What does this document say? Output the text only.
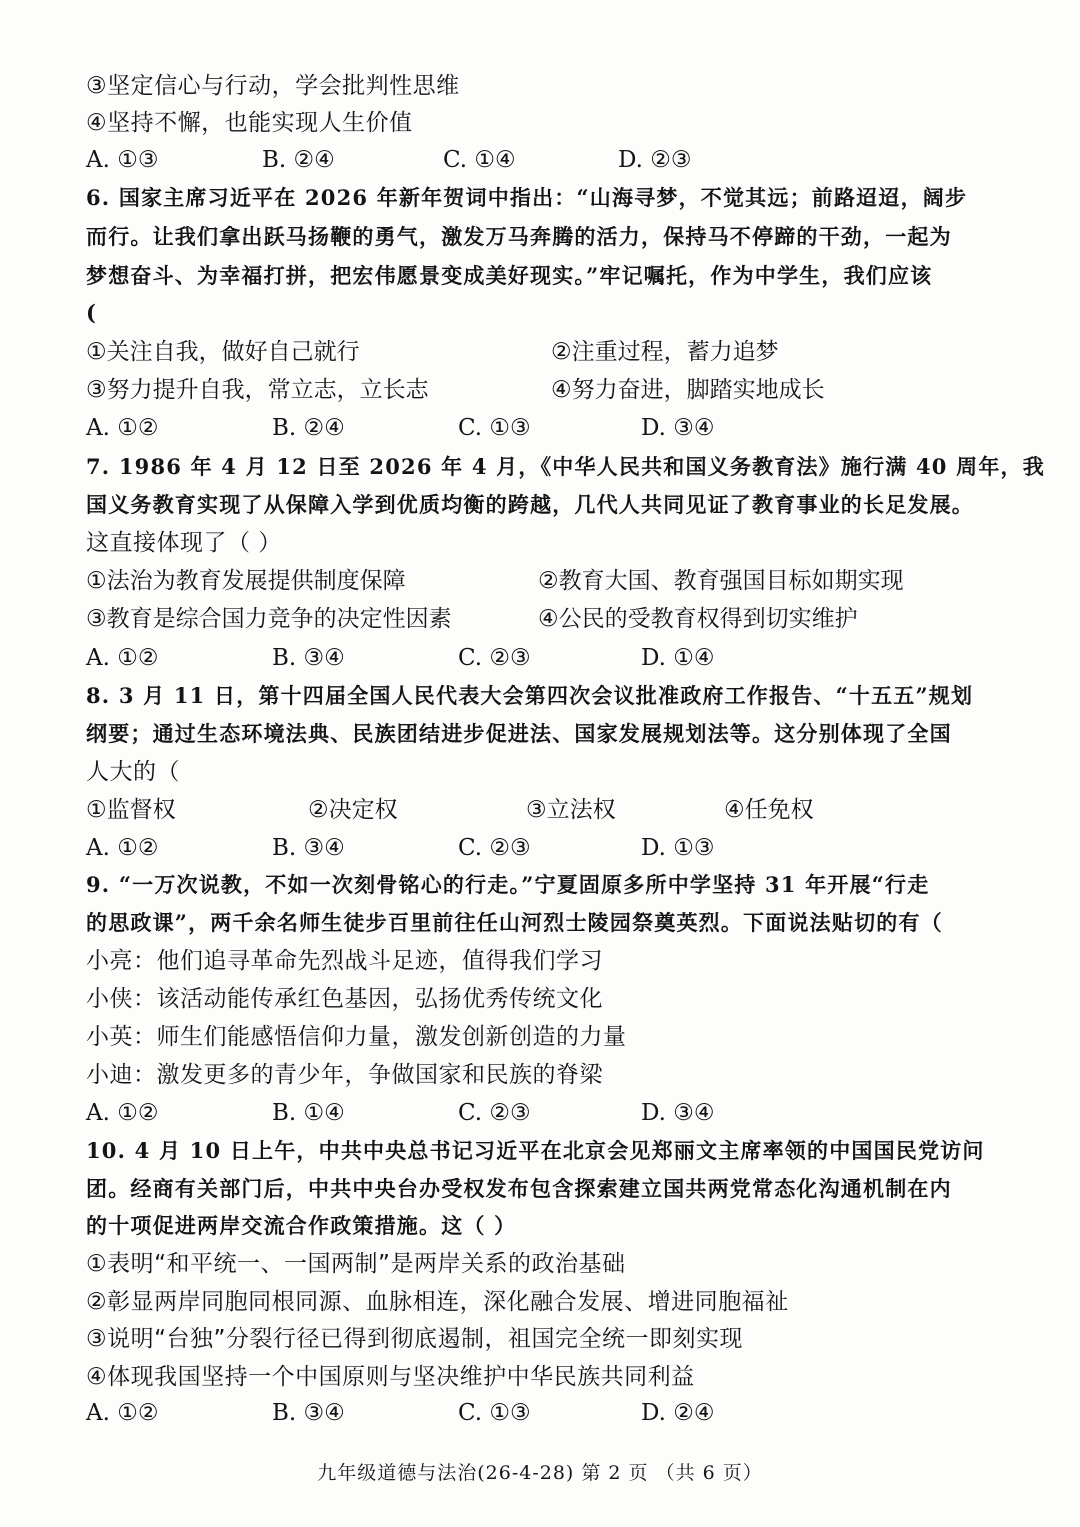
③坚定信心与行动，学会批判性思维
④坚持不懈，也能实现人生价值
A. ①③	B. ②④	C. ①④	D. ②③
6. 国家主席习近平在 2026 年新年贺词中指出：“山海寻梦，不觉其远；前路迢迢，阔步
而行。让我们拿出跃马扬鞭的勇气，激发万马奔腾的活力，保持马不停蹄的干劲，一起为
梦想奋斗、为幸福打拼，把宏伟愿景变成美好现实。”牢记嘱托，作为中学生，我们应该
(
①关注自我，做好自己就行	②注重过程，蓄力追梦
③努力提升自我，常立志，立长志	④努力奋进，脚踏实地成长
A. ①②	B. ②④	C. ①③	D. ③④
7. 1986 年 4 月 12 日至 2026 年 4 月，《中华人民共和国义务教育法》施行满 40 周年，我
国义务教育实现了从保障入学到优质均衡的跨越，几代人共同见证了教育事业的长足发展。
这直接体现了（ ）
①法治为教育发展提供制度保障	②教育大国、教育强国目标如期实现
③教育是综合国力竞争的决定性因素	④公民的受教育权得到切实维护
A. ①②	B. ③④	C. ②③	D. ①④
8. 3 月 11 日，第十四届全国人民代表大会第四次会议批准政府工作报告、“十五五”规划
纲要；通过生态环境法典、民族团结进步促进法、国家发展规划法等。这分别体现了全国
人大的（
①监督权	②决定权	③立法权	④任免权
A. ①②	B. ③④	C. ②③	D. ①③
9. “一万次说教，不如一次刻骨铭心的行走。”宁夏固原多所中学坚持 31 年开展“行走
的思政课”，两千余名师生徒步百里前往任山河烈士陵园祭奠英烈。下面说法贴切的有（
小亮：他们追寻革命先烈战斗足迹，值得我们学习
小侠：该活动能传承红色基因，弘扬优秀传统文化
小英：师生们能感悟信仰力量，激发创新创造的力量
小迪：激发更多的青少年，争做国家和民族的脊梁
A. ①②	B. ①④	C. ②③	D. ③④
10. 4 月 10 日上午，中共中央总书记习近平在北京会见郑丽文主席率领的中国国民党访问
团。经商有关部门后，中共中央台办受权发布包含探索建立国共两党常态化沟通机制在内
的十项促进两岸交流合作政策措施。这（ ）
①表明“和平统一、一国两制”是两岸关系的政治基础
②彰显两岸同胞同根同源、血脉相连，深化融合发展、增进同胞福祉
③说明“台独”分裂行径已得到彻底遏制，祖国完全统一即刻实现
④体现我国坚持一个中国原则与坚决维护中华民族共同利益
A. ①②	B. ③④	C. ①③	D. ②④
九年级道德与法治(26-4-28) 第 2 页 （共 6 页）
